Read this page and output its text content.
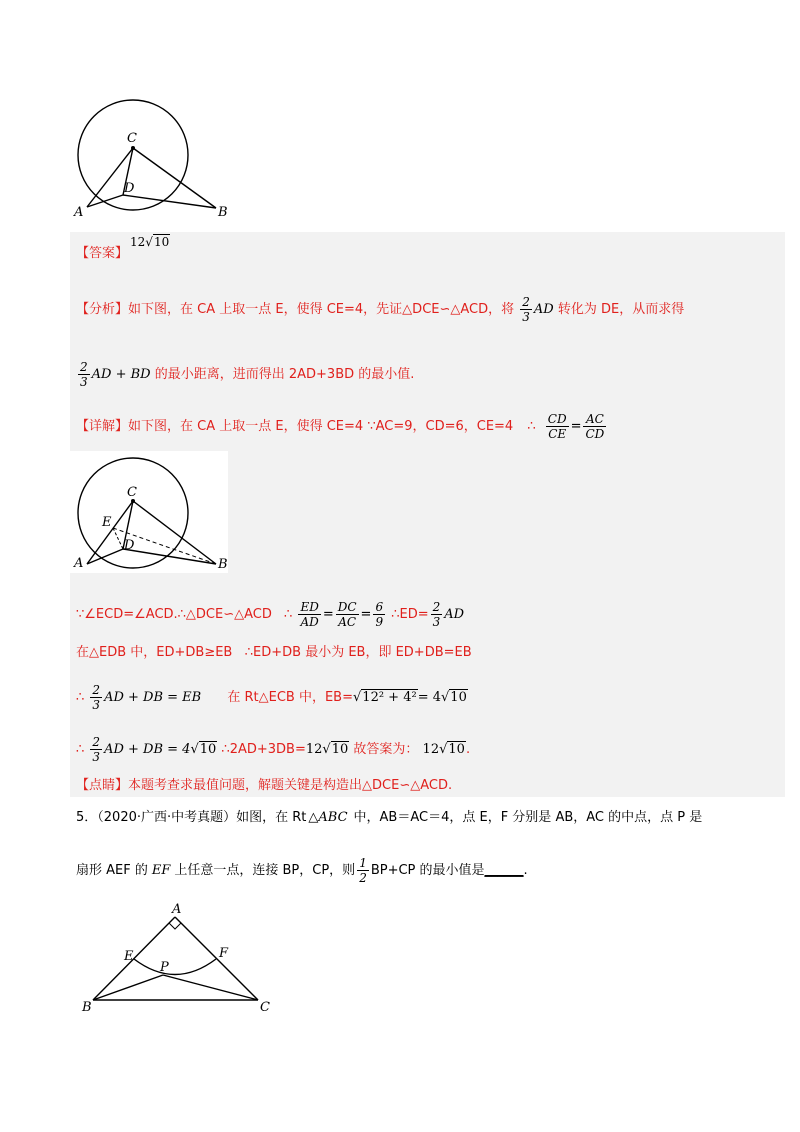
C
D
A	B
【答案】
12√10
【分析】如下图，在 CA 上取一点 E，使得 CE=4，先证△DCE∽△ACD，将 $\frac{2}{3}$ AD 转化为 DE，从而求得
$\frac{2}{3}$ AD + BD 的最小距离，进而得出 2AD+3BD 的最小值.
【详解】如下图，在 CA 上取一点 E，使得 CE=4 ∵AC=9，CD=6，CE=4 ∴ $\frac{CD}{CE} = \frac{AC}{CD}$
C
E
D
A	B
∵∠ECD=∠ACD.∴△DCE∽△ACD ∴ $\frac{ED}{AD} = \frac{DC}{AC} = \frac{6}{9}$ ∴ED= $\frac{2}{3}$ AD
在△EDB 中，ED+DB≥EB   ∴ED+DB 最小为 EB，即 ED+DB=EB
∴ $\frac{2}{3}$ AD + DB = EB 在 Rt△ECB 中，EB=√12² + 4²= 4√10
∴ $\frac{2}{3}$ AD + DB = 4√10 ∴2AD+3DB=12√10 故答案为： 12√10.
【点睛】本题考查求最值问题，解题关键是构造出△DCE∽△ACD.
5．（2020·广西·中考真题）如图，在 Rt △ABC 中，AB＝AC＝4，点 E，F 分别是 AB，AC 的中点，点 P 是
扇形 AEF 的 EF 上任意一点，连接 BP，CP，则 $\frac{1}{2} BP+CP$ 的最小值是______.
A
E	F
P
B	C
